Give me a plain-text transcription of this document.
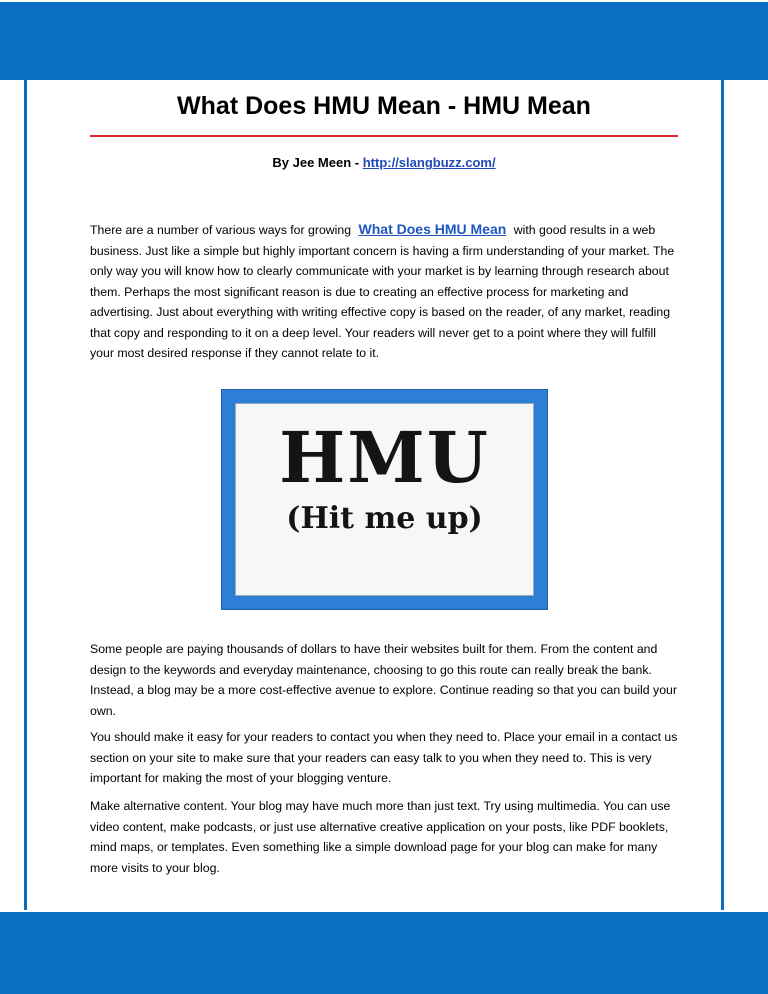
What Does HMU Mean - HMU Mean
By Jee Meen - http://slangbuzz.com/

There are a number of various ways for growing What Does HMU Mean with good results in a web business. Just like a simple but highly important concern is having a firm understanding of your market. The only way you will know how to clearly communicate with your market is by learning through research about them. Perhaps the most significant reason is due to creating an effective process for marketing and advertising. Just about everything with writing effective copy is based on the reader, of any market, reading that copy and responding to it on a deep level. Your readers will never get to a point where they will fulfill your most desired response if they cannot relate to it.

HMU
(Hit me up)

Some people are paying thousands of dollars to have their websites built for them. From the content and design to the keywords and everyday maintenance, choosing to go this route can really break the bank. Instead, a blog may be a more cost-effective avenue to explore. Continue reading so that you can build your own.

You should make it easy for your readers to contact you when they need to. Place your email in a contact us section on your site to make sure that your readers can easy talk to you when they need to. This is very important for making the most of your blogging venture.

Make alternative content. Your blog may have much more than just text. Try using multimedia. You can use video content, make podcasts, or just use alternative creative application on your posts, like PDF booklets, mind maps, or templates. Even something like a simple download page for your blog can make for many more visits to your blog.
